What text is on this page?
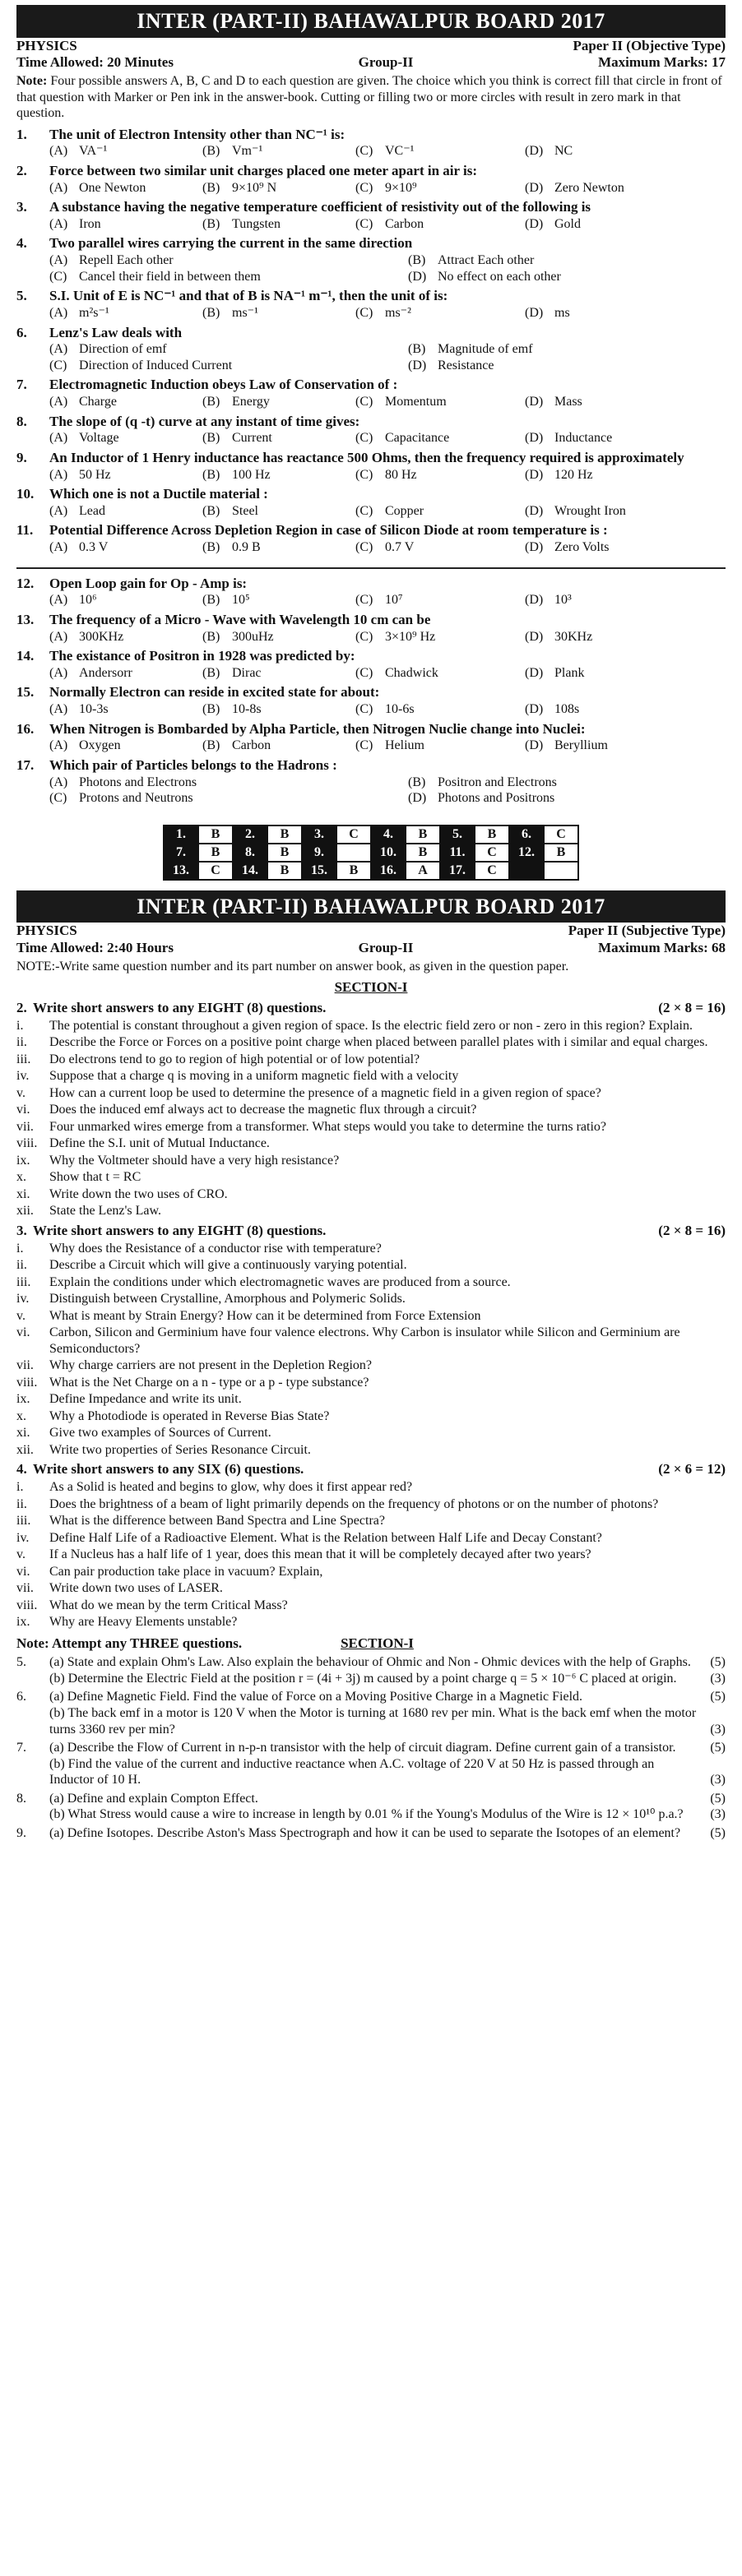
INTER (PART-II) BAHAWALPUR BOARD 2017
PHYSICS	Paper II (Objective Type)
Time Allowed: 20 Minutes	Group-II	Maximum Marks: 17
Note: Four possible answers A, B, C and D to each question are given. The choice which you think is correct fill that circle in front of that question with Marker or Pen ink in the answer-book. Cutting or filling two or more circles with result in zero mark in that question.
1.	The unit of Electron Intensity other than NC⁻¹ is:
(A) VA⁻¹	(B) Vm⁻¹	(C) VC⁻¹	(D) NC
2.	Force between two similar unit charges placed one meter apart in air is:
(A) One Newton	(B) 9×10⁹ N	(C) 9×10⁹	(D) Zero Newton
3.	A substance having the negative temperature coefficient of resistivity out of the following is
(A) Iron	(B) Tungsten	(C) Carbon	(D) Gold
4.	Two parallel wires carrying the current in the same direction
(A) Repell Each other	(B) Attract Each other
(C) Cancel their field in between them	(D) No effect on each other
5.	S.I. Unit of E is NC⁻¹ and that of B is NA⁻¹ m⁻¹, then the unit of is:
(A) m²s⁻¹	(B) ms⁻¹	(C) ms⁻²	(D) ms
6.	Lenz's Law deals with
(A) Direction of emf	(B) Magnitude of emf
(C) Direction of Induced Current	(D) Resistance
7.	Electromagnetic Induction obeys Law of Conservation of :
(A) Charge	(B) Energy	(C) Momentum	(D) Mass
8.	The slope of (q -t) curve at any instant of time gives:
(A) Voltage	(B) Current	(C) Capacitance	(D) Inductance
9.	An Inductor of 1 Henry inductance has reactance 500 Ohms, then the frequency required is approximately
(A) 50 Hz	(B) 100 Hz	(C) 80 Hz	(D) 120 Hz
10.	Which one is not a Ductile material :
(A) Lead	(B) Steel	(C) Copper	(D) Wrought Iron
11.	Potential Difference Across Depletion Region in case of Silicon Diode at room temperature is :
(A) 0.3 V	(B) 0.9 B	(C) 0.7 V	(D) Zero Volts
12.	Open Loop gain for Op - Amp is:
(A) 10⁶	(B) 10⁵	(C) 10⁷	(D) 10³
13.	The frequency of a Micro - Wave with Wavelength 10 cm can be
(A) 300KHz	(B) 300uHz	(C) 3×10⁹ Hz	(D) 30KHz
14.	The existance of Positron in 1928 was predicted by:
(A) Andersorr	(B) Dirac	(C) Chadwick	(D) Plank
15.	Normally Electron can reside in excited state for about:
(A) 10-3s	(B) 10-8s	(C) 10-6s	(D) 108s
16.	When Nitrogen is Bombarded by Alpha Particle, then Nitrogen Nuclie change into Nuclei:
(A) Oxygen	(B) Carbon	(C) Helium	(D) Beryllium
17.	Which pair of Particles belongs to the Hadrons :
(A) Photons and Electrons	(B) Positron and Electrons
(C) Protons and Neutrons	(D) Photons and Positrons
1.	B	2.	B	3.	C	4.	B	5.	B	6.	C
7.	B	8.	B	9.		10.	B	11.	C	12.	B
13.	C	14.	B	15.	B	16.	A	17.	C		
INTER (PART-II) BAHAWALPUR BOARD 2017
PHYSICS	Paper II (Subjective Type)
Time Allowed: 2:40 Hours	Group-II	Maximum Marks: 68
NOTE:-Write same question number and its part number on answer book, as given in the question paper.
SECTION-I
2. Write short answers to any EIGHT (8) questions.	(2 × 8 = 16)
i.	The potential is constant throughout a given region of space. Is the electric field zero or non - zero in this region? Explain.
ii.	Describe the Force or Forces on a positive point charge when placed between parallel plates with i similar and equal charges.
iii.	Do electrons tend to go to region of high potential or of low potential?
iv.	Suppose that a charge q is moving in a uniform magnetic field with a velocity
v.	How can a current loop be used to determine the presence of a magnetic field in a given region of space?
vi.	Does the induced emf always act to decrease the magnetic flux through a circuit?
vii.	Four unmarked wires emerge from a transformer. What steps would you take to determine the turns ratio?
viii. Define the S.I. unit of Mutual Inductance.
ix.	Why the Voltmeter should have a very high resistance?
x.	Show that t = RC
xi.	Write down the two uses of CRO.
xii.	State the Lenz's Law.
3. Write short answers to any EIGHT (8) questions.	(2 × 8 = 16)
i.	Why does the Resistance of a conductor rise with temperature?
ii.	Describe a Circuit which will give a continuously varying potential.
iii.	Explain the conditions under which electromagnetic waves are produced from a source.
iv.	Distinguish between Crystalline, Amorphous and Polymeric Solids.
v.	What is meant by Strain Energy? How can it be determined from Force Extension
vi.	Carbon, Silicon and Germinium have four valence electrons. Why Carbon is insulator while Silicon and Germinium are Semiconductors?
vii.	Why charge carriers are not present in the Depletion Region?
viii. What is the Net Charge on a n - type or a p - type substance?
ix.	Define Impedance and write its unit.
x.	Why a Photodiode is operated in Reverse Bias State?
xi.	Give two examples of Sources of Current.
xii.	Write two properties of Series Resonance Circuit.
4. Write short answers to any SIX (6) questions.	(2 × 6 = 12)
i.	As a Solid is heated and begins to glow, why does it first appear red?
ii.	Does the brightness of a beam of light primarily depends on the frequency of photons or on the number of photons?
iii.	What is the difference between Band Spectra and Line Spectra?
iv.	Define Half Life of a Radioactive Element. What is the Relation between Half Life and Decay Constant?
v.	If a Nucleus has a half life of 1 year, does this mean that it will be completely decayed after two years?
vi.	Can pair production take place in vacuum? Explain,
vii.	Write down two uses of LASER.
viii. What do we mean by the term Critical Mass?
ix.	Why are Heavy Elements unstable?
Note: Attempt any THREE questions.	SECTION-I
5.	(a) State and explain Ohm's Law. Also explain the behaviour of Ohmic and Non - Ohmic devices with the help of Graphs.	(5)
(b) Determine the Electric Field at the position r = (4i + 3j) m caused by a point charge q = 5 × 10⁻⁶ C placed at origin.	(3)
6.	(a) Define Magnetic Field. Find the value of Force on a Moving Positive Charge in a Magnetic Field.	(5)
(b) The back emf in a motor is 120 V when the Motor is turning at 1680 rev per min. What is the back emf when the motor turns 3360 rev per min?	(3)
7.	(a) Describe the Flow of Current in n-p-n transistor with the help of circuit diagram. Define current gain of a transistor.	(5)
(b) Find the value of the current and inductive reactance when A.C. voltage of 220 V at 50 Hz is passed through an Inductor of 10 H.	(3)
8.	(a) Define and explain Compton Effect.	(5)
(b) What Stress would cause a wire to increase in length by 0.01 % if the Young's Modulus of the Wire is 12 × 10¹⁰ p.a.?	(3)
9.	(a) Define Isotopes. Describe Aston's Mass Spectrograph and how it can be used to separate the Isotopes of an element?	(5)
